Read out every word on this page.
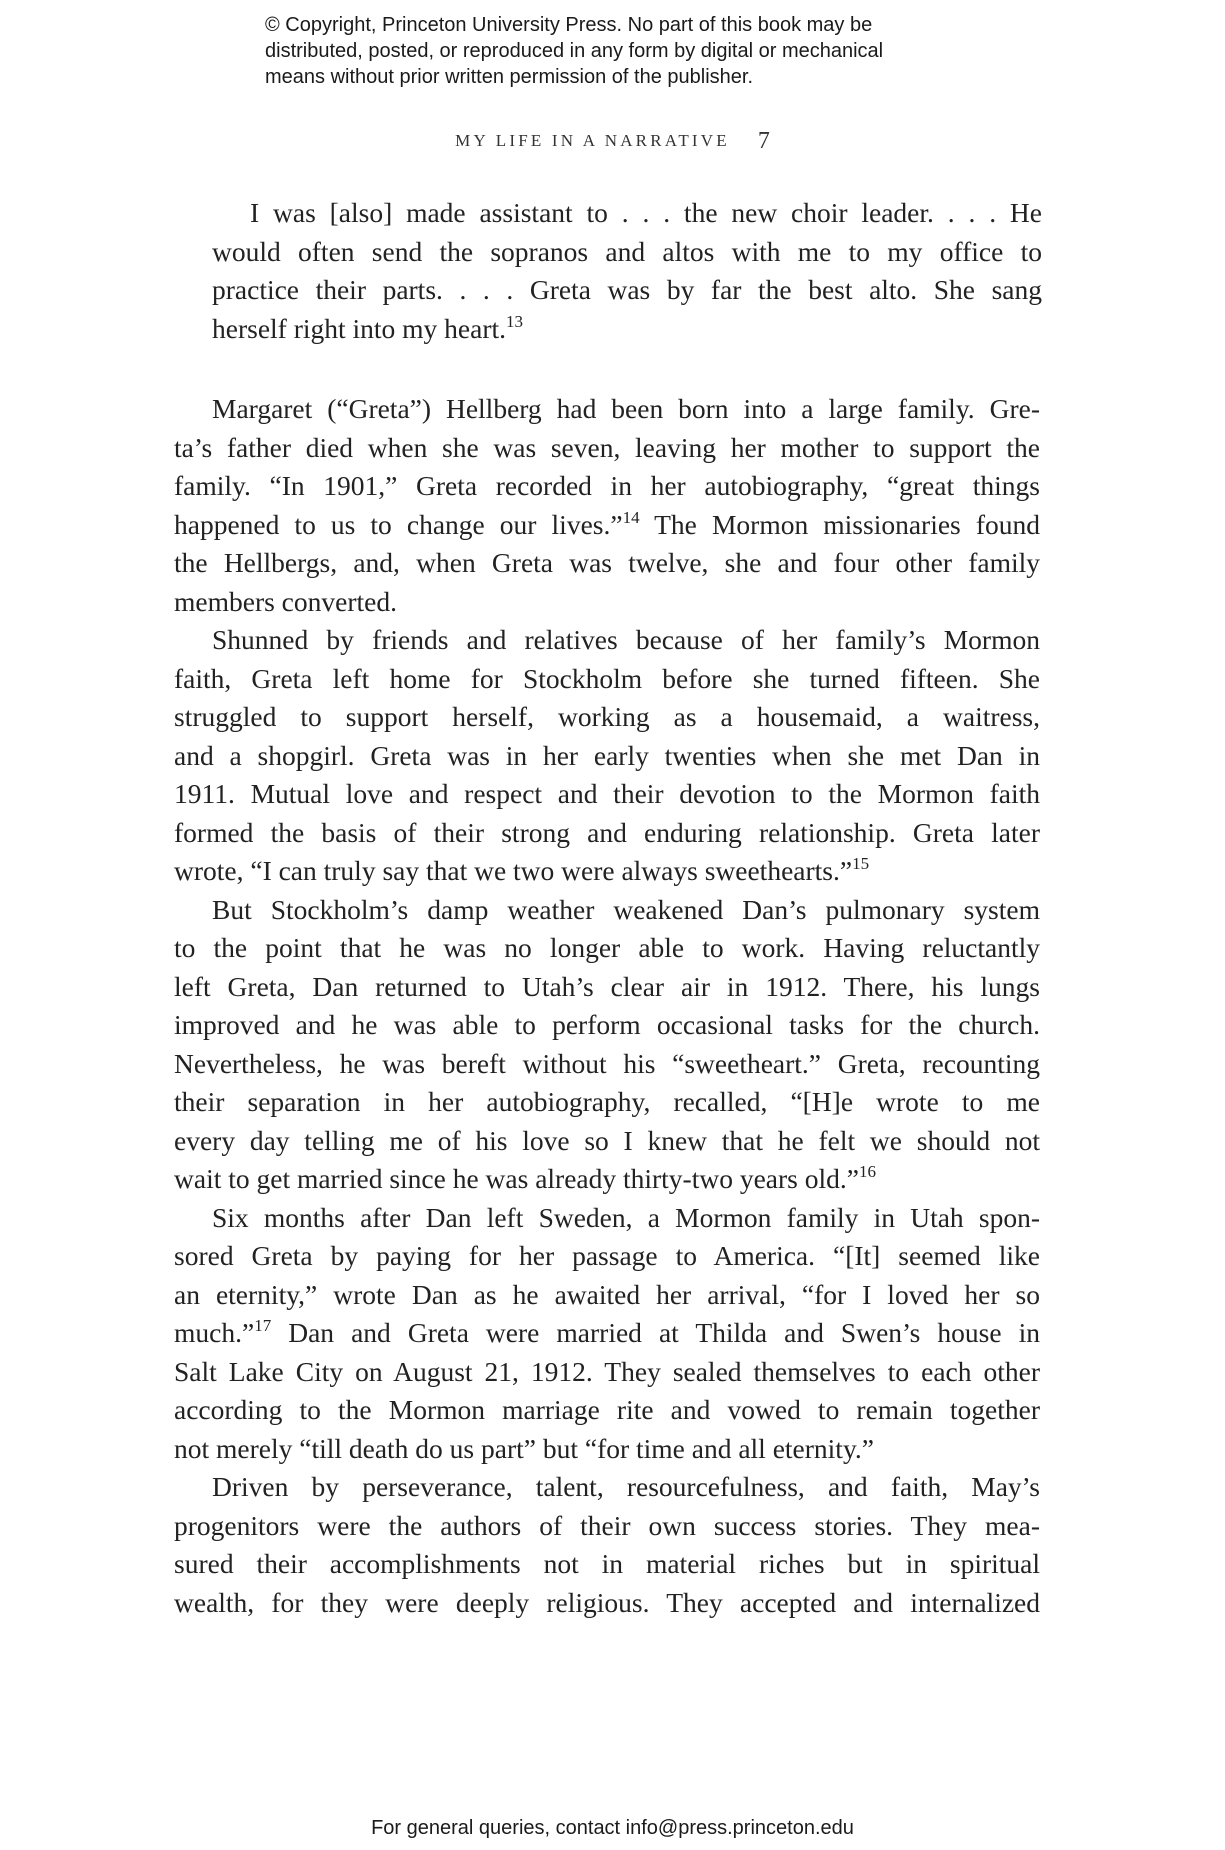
© Copyright, Princeton University Press. No part of this book may be
distributed, posted, or reproduced in any form by digital or mechanical
means without prior written permission of the publisher.
MY LIFE IN A NARRATIVE 7
I was [also] made assistant to . . . the new choir leader. . . . He
would often send the sopranos and altos with me to my office to
practice their parts. . . . Greta was by far the best alto. She sang
herself right into my heart.$^{13}$
Margaret (“Greta”) Hellberg had been born into a large family. Gre-
ta’s father died when she was seven, leaving her mother to support the
family. “In 1901,” Greta recorded in her autobiography, “great things
happened to us to change our lives.”$^{14}$ The Mormon missionaries found
the Hellbergs, and, when Greta was twelve, she and four other family
members converted.
Shunned by friends and relatives because of her family’s Mormon
faith, Greta left home for Stockholm before she turned fifteen. She
struggled to support herself, working as a housemaid, a waitress,
and a shopgirl. Greta was in her early twenties when she met Dan in
1911. Mutual love and respect and their devotion to the Mormon faith
formed the basis of their strong and enduring relationship. Greta later
wrote, “I can truly say that we two were always sweethearts.”$^{15}$
But Stockholm’s damp weather weakened Dan’s pulmonary system
to the point that he was no longer able to work. Having reluctantly
left Greta, Dan returned to Utah’s clear air in 1912. There, his lungs
improved and he was able to perform occasional tasks for the church.
Nevertheless, he was bereft without his “sweetheart.” Greta, recounting
their separation in her autobiography, recalled, “[H]e wrote to me
every day telling me of his love so I knew that he felt we should not
wait to get married since he was already thirty-two years old.”$^{16}$
Six months after Dan left Sweden, a Mormon family in Utah spon-
sored Greta by paying for her passage to America. “[It] seemed like
an eternity,” wrote Dan as he awaited her arrival, “for I loved her so
much.”$^{17}$ Dan and Greta were married at Thilda and Swen’s house in
Salt Lake City on August 21, 1912. They sealed themselves to each other
according to the Mormon marriage rite and vowed to remain together
not merely “till death do us part” but “for time and all eternity.”
Driven by perseverance, talent, resourcefulness, and faith, May’s
progenitors were the authors of their own success stories. They mea-
sured their accomplishments not in material riches but in spiritual
wealth, for they were deeply religious. They accepted and internalized
For general queries, contact info@press.princeton.edu
